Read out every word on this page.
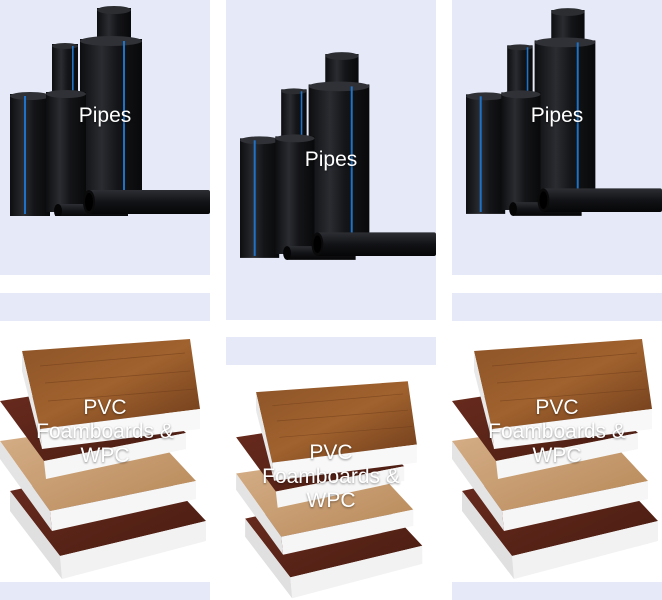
Pipes
PVC Foamboards & WPC
Pipes
PVC Foamboards & WPC
Pipes
PVC Foamboards & WPC
